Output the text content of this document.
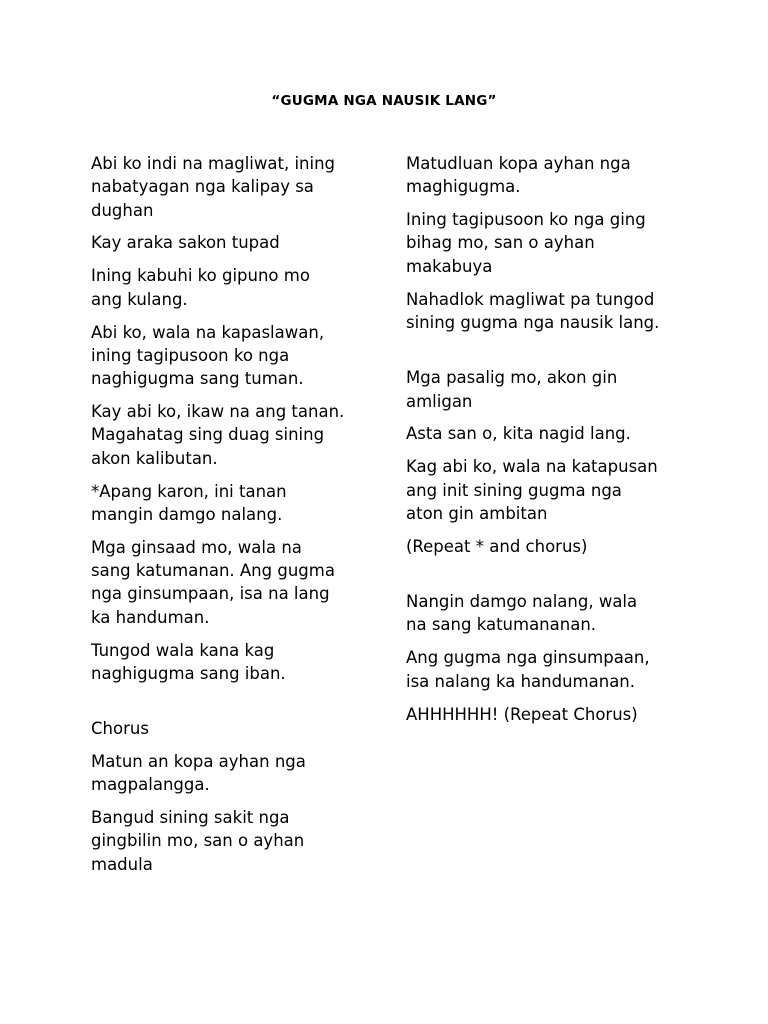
“GUGMA NGA NAUSIK LANG”

Abi ko indi na magliwat, ining
nabatyagan nga kalipay sa
dughan

Kay araka sakon tupad

Ining kabuhi ko gipuno mo
ang kulang.

Abi ko, wala na kapaslawan,
ining tagipusoon ko nga
naghigugma sang tuman.

Kay abi ko, ikaw na ang tanan.
Magahatag sing duag sining
akon kalibutan.

*Apang karon, ini tanan
mangin damgo nalang.

Mga ginsaad mo, wala na
sang katumanan. Ang gugma
nga ginsumpaan, isa na lang
ka handuman.

Tungod wala kana kag
naghigugma sang iban.

Chorus

Matun an kopa ayhan nga
magpalangga.

Bangud sining sakit nga
gingbilin mo, san o ayhan
madula

Matudluan kopa ayhan nga
maghigugma.

Ining tagipusoon ko nga ging
bihag mo, san o ayhan
makabuya

Nahadlok magliwat pa tungod
sining gugma nga nausik lang.

Mga pasalig mo, akon gin
amligan

Asta san o, kita nagid lang.

Kag abi ko, wala na katapusan
ang init sining gugma nga
aton gin ambitan

(Repeat * and chorus)

Nangin damgo nalang, wala
na sang katumananan.

Ang gugma nga ginsumpaan,
isa nalang ka handumanan.

AHHHHHH! (Repeat Chorus)
